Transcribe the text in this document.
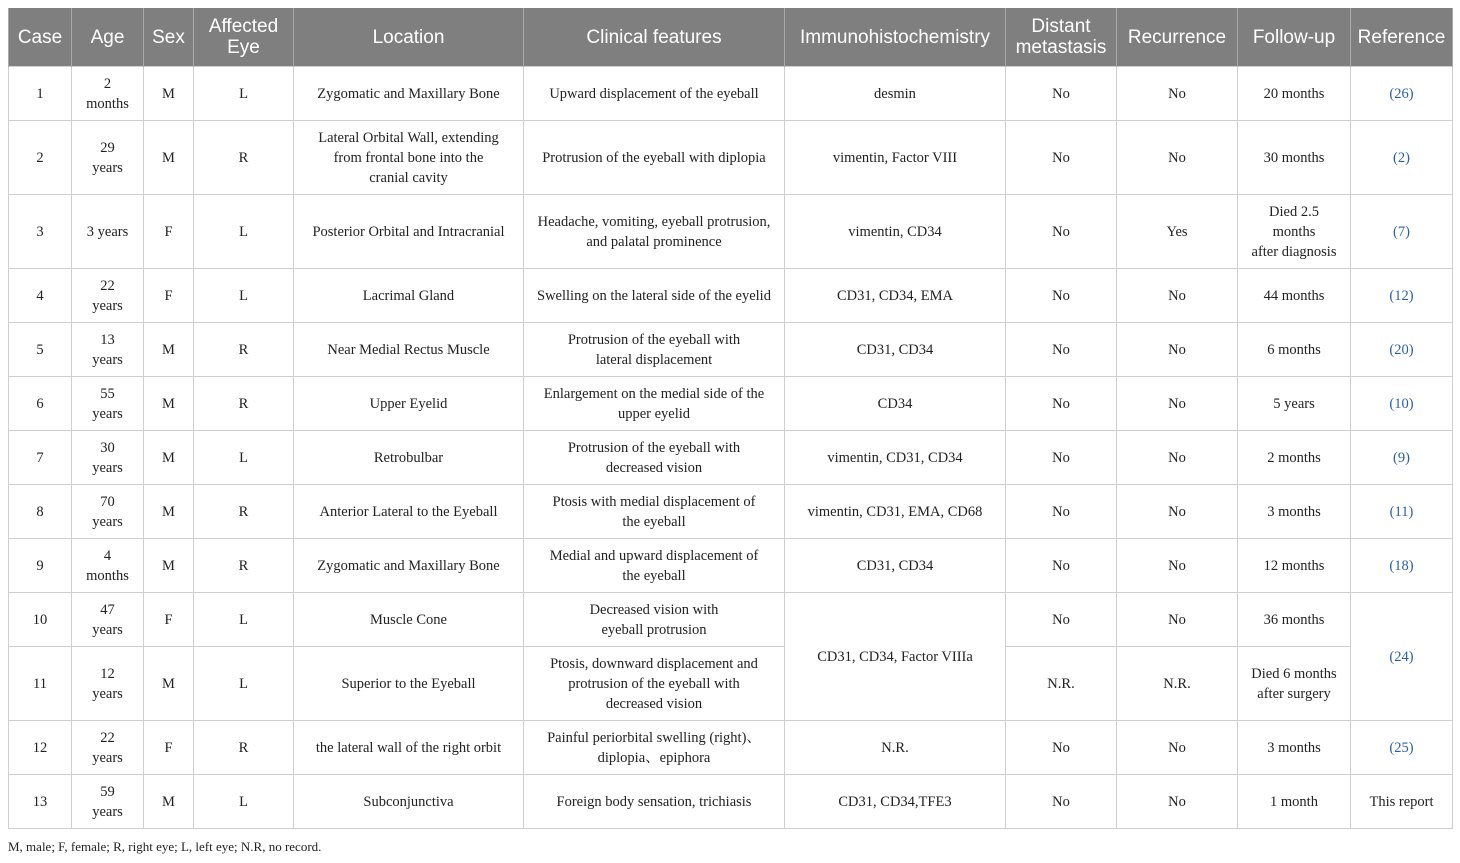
Case	Age	Sex	Affected
Eye	Location	Clinical features	Immunohistochemistry	Distant
metastasis	Recurrence	Follow-up	Reference
1	2
months	M	L	Zygomatic and Maxillary Bone	Upward displacement of the eyeball	desmin	No	No	20 months	(26)
2	29
years	M	R	Lateral Orbital Wall, extending
from frontal bone into the
cranial cavity	Protrusion of the eyeball with diplopia	vimentin, Factor VIII	No	No	30 months	(2)
3	3 years	F	L	Posterior Orbital and Intracranial	Headache, vomiting, eyeball protrusion,
and palatal prominence	vimentin, CD34	No	Yes	Died 2.5
months
after diagnosis	(7)
4	22
years	F	L	Lacrimal Gland	Swelling on the lateral side of the eyelid	CD31, CD34, EMA	No	No	44 months	(12)
5	13
years	M	R	Near Medial Rectus Muscle	Protrusion of the eyeball with
lateral displacement	CD31, CD34	No	No	6 months	(20)
6	55
years	M	R	Upper Eyelid	Enlargement on the medial side of the
upper eyelid	CD34	No	No	5 years	(10)
7	30
years	M	L	Retrobulbar	Protrusion of the eyeball with
decreased vision	vimentin, CD31, CD34	No	No	2 months	(9)
8	70
years	M	R	Anterior Lateral to the Eyeball	Ptosis with medial displacement of
the eyeball	vimentin, CD31, EMA, CD68	No	No	3 months	(11)
9	4
months	M	R	Zygomatic and Maxillary Bone	Medial and upward displacement of
the eyeball	CD31, CD34	No	No	12 months	(18)
10	47
years	F	L	Muscle Cone	Decreased vision with
eyeball protrusion	CD31, CD34, Factor VIIIa	No	No	36 months	(24)
11	12
years	M	L	Superior to the Eyeball	Ptosis, downward displacement and
protrusion of the eyeball with
decreased vision		N.R.	N.R.	Died 6 months
after surgery	
12	22
years	F	R	the lateral wall of the right orbit	Painful periorbital swelling (right)、
diplopia、epiphora	N.R.	No	No	3 months	(25)
13	59
years	M	L	Subconjunctiva	Foreign body sensation, trichiasis	CD31, CD34,TFE3	No	No	1 month	This report
M, male; F, female; R, right eye; L, left eye; N.R, no record.
